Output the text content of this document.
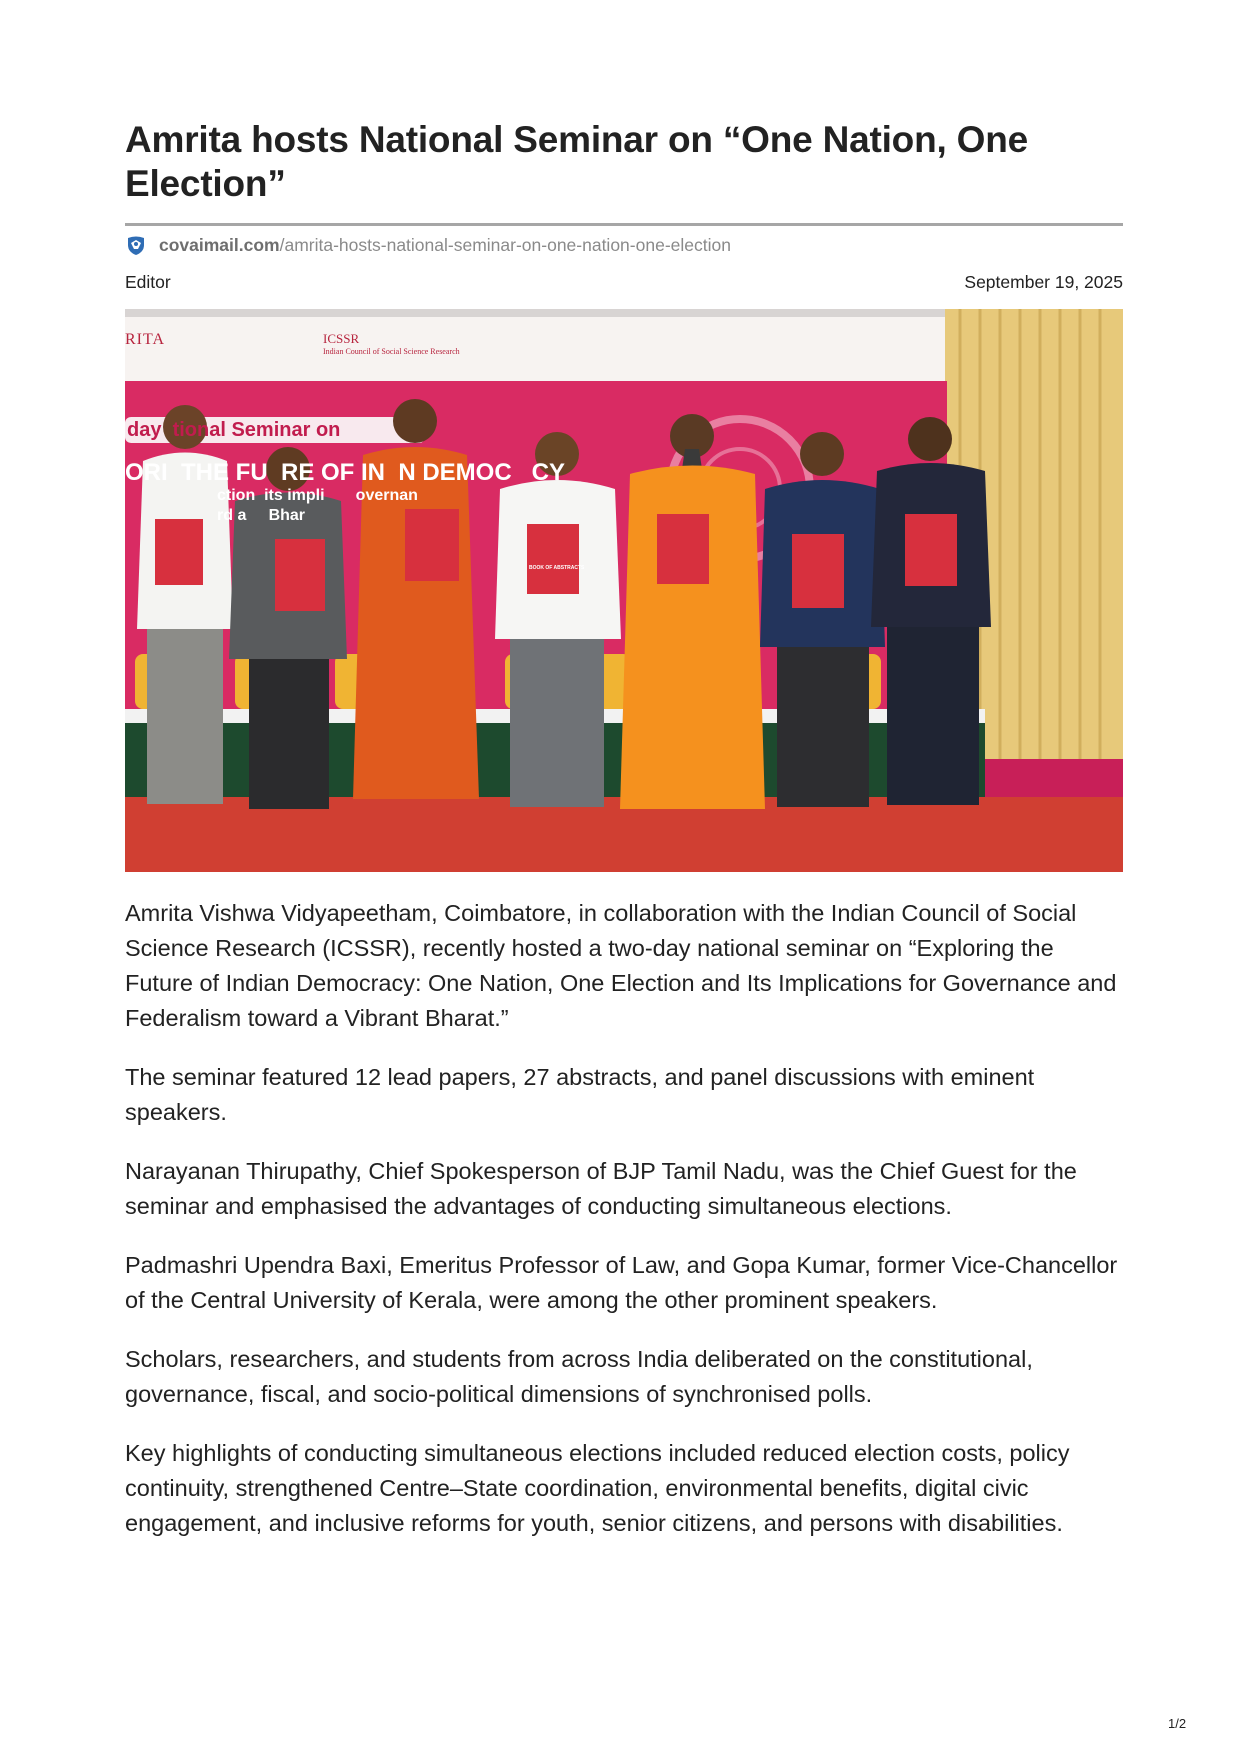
Amrita hosts National Seminar on “One Nation, One Election”
covaimail.com /amrita-hosts-national-seminar-on-one-nation-one-election
Editor	September 19, 2025
RITA	ICSSR
Indian Council of Social Science Research
day  tional Seminar on
ORI  THE FU  RE OF IN  N DEMOC   CY
ction  its impli       overnan
rd a     Bhar
BOOK OF ABSTRACTS

Amrita Vishwa Vidyapeetham, Coimbatore, in collaboration with the Indian Council of Social Science Research (ICSSR), recently hosted a two-day national seminar on “Exploring the Future of Indian Democracy: One Nation, One Election and Its Implications for Governance and Federalism toward a Vibrant Bharat.”

The seminar featured 12 lead papers, 27 abstracts, and panel discussions with eminent speakers.

Narayanan Thirupathy, Chief Spokesperson of BJP Tamil Nadu, was the Chief Guest for the seminar and emphasised the advantages of conducting simultaneous elections.

Padmashri Upendra Baxi, Emeritus Professor of Law, and Gopa Kumar, former Vice-Chancellor of the Central University of Kerala, were among the other prominent speakers.

Scholars, researchers, and students from across India deliberated on the constitutional, governance, fiscal, and socio-political dimensions of synchronised polls.

Key highlights of conducting simultaneous elections included reduced election costs, policy continuity, strengthened Centre–State coordination, environmental benefits, digital civic engagement, and inclusive reforms for youth, senior citizens, and persons with disabilities.

1/2
